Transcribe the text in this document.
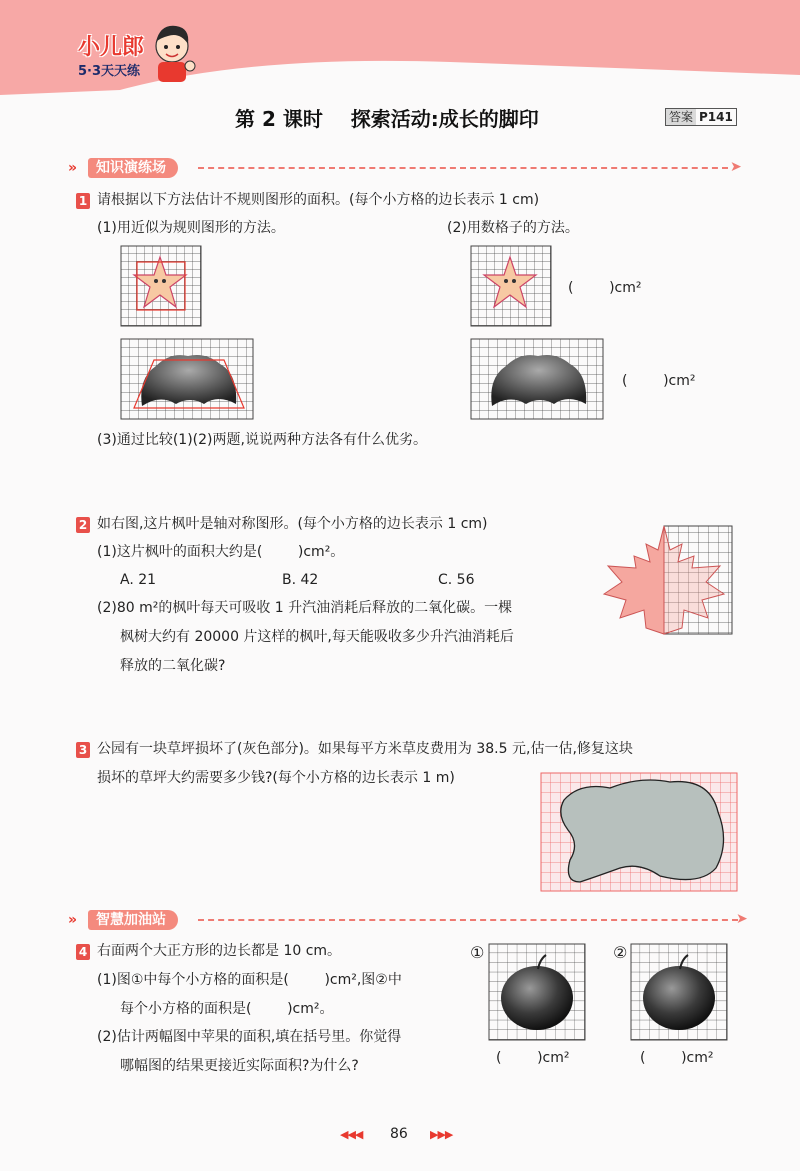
小儿郎
5·3天天练
第 2 课时    探索活动:成长的脚印	答案 P141
»	知识演练场	➤
1 请根据以下方法估计不规则图形的面积。(每个小方格的边长表示 1 cm)
(1)用近似为规则图形的方法。	(2)用数格子的方法。
(        )cm²
(        )cm²
(3)通过比较(1)(2)两题,说说两种方法各有什么优劣。
2 如右图,这片枫叶是轴对称图形。(每个小方格的边长表示 1 cm)
(1)这片枫叶的面积大约是(        )cm²。
A. 21	B. 42	C. 56
(2)80 m²的枫叶每天可吸收 1 升汽油消耗后释放的二氧化碳。一棵
枫树大约有 20000 片这样的枫叶,每天能吸收多少升汽油消耗后
释放的二氧化碳?
3 公园有一块草坪损坏了(灰色部分)。如果每平方米草皮费用为 38.5 元,估一估,修复这块
损坏的草坪大约需要多少钱?(每个小方格的边长表示 1 m)
»	智慧加油站	➤
4 右面两个大正方形的边长都是 10 cm。
(1)图①中每个小方格的面积是(        )cm²,图②中
每个小方格的面积是(        )cm²。
(2)估计两幅图中苹果的面积,填在括号里。你觉得
哪幅图的结果更接近实际面积?为什么?
①	②
(        )cm²	(        )cm²
◀◀◀ 86 ▶▶▶
